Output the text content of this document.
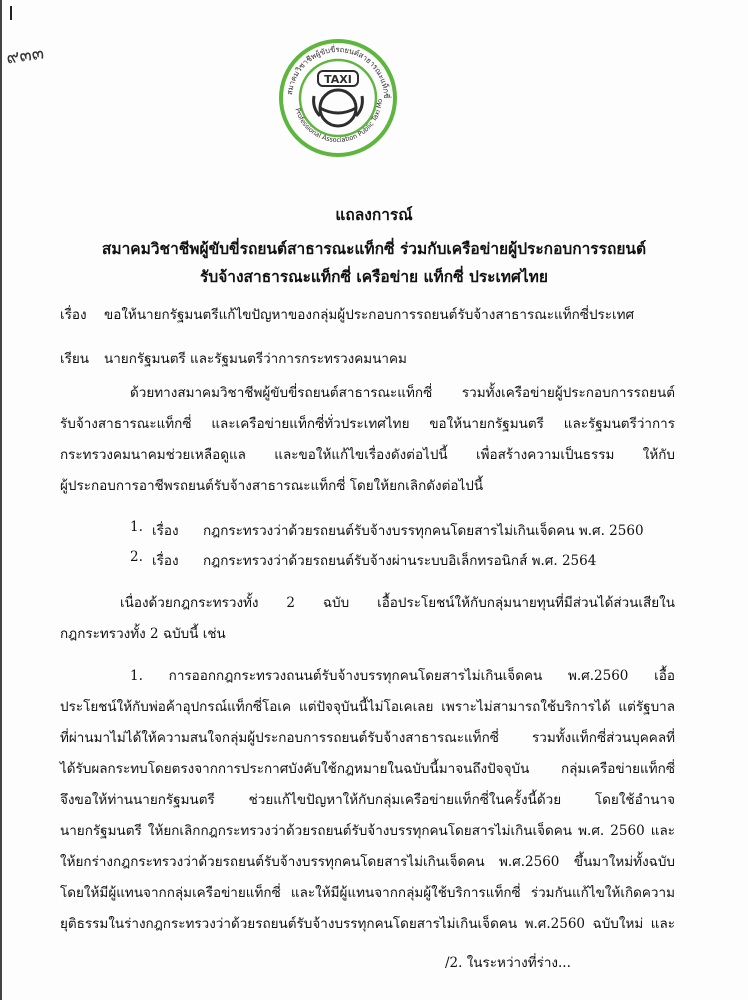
๙๓๓
สมาคมวิชาชีพผู้ขับขี่รถยนต์สาธารณะแท็กซี่
Professional Association Public Taxi Mo
TAXI
แถลงการณ์
สมาคมวิชาชีพผู้ขับขี่รถยนต์สาธารณะแท็กซี่ ร่วมกับเครือข่ายผู้ประกอบการรถยนต์
รับจ้างสาธารณะแท็กซี่ เครือข่าย แท็กซี่ ประเทศไทย
เรื่อง ขอให้นายกรัฐมนตรีแก้ไขปัญหาของกลุ่มผู้ประกอบการรถยนต์รับจ้างสาธารณะแท็กซี่ประเทศ
เรียน นายกรัฐมนตรี และรัฐมนตรีว่าการกระทรวงคมนาคม
ด้วยทางสมาคมวิชาชีพผู้ขับขี่รถยนต์สาธารณะแท็กซี่ รวมทั้งเครือข่ายผู้ประกอบการรถยนต์
รับจ้างสาธารณะแท็กซี่ และเครือข่ายแท็กซี่ทั่วประเทศไทย ขอให้นายกรัฐมนตรี และรัฐมนตรีว่าการ
กระทรวงคมนาคมช่วยเหลือดูแล และขอให้แก้ไขเรื่องดังต่อไปนี้ เพื่อสร้างความเป็นธรรม ให้กับ
ผู้ประกอบการอาชีพรถยนต์รับจ้างสาธารณะแท็กซี่ โดยให้ยกเลิกดังต่อไปนี้
1. เรื่อง กฎกระทรวงว่าด้วยรถยนต์รับจ้างบรรทุกคนโดยสารไม่เกินเจ็ดคน พ.ศ. 2560
2. เรื่อง กฎกระทรวงว่าด้วยรถยนต์รับจ้างผ่านระบบอิเล็กทรอนิกส์ พ.ศ. 2564
เนื่องด้วยกฎกระทรวงทั้ง 2 ฉบับ เอื้อประโยชน์ให้กับกลุ่มนายทุนที่มีส่วนได้ส่วนเสียใน
กฎกระทรวงทั้ง 2 ฉบับนี้ เช่น
1. การออกกฎกระทรวงถนนต์รับจ้างบรรทุกคนโดยสารไม่เกินเจ็ดคน พ.ศ.2560 เอื้อ
ประโยชน์ให้กับพ่อค้าอุปกรณ์แท็กซี่โอเค แต่ปัจจุบันนี้ไม่โอเคเลย เพราะไม่สามารถใช้บริการได้ แต่รัฐบาล
ที่ผ่านมาไม่ได้ให้ความสนใจกลุ่มผู้ประกอบการรถยนต์รับจ้างสาธารณะแท็กซี่ รวมทั้งแท็กซี่ส่วนบุคคลที่
ได้รับผลกระทบโดยตรงจากการประกาศบังคับใช้กฎหมายในฉบับนี้มาจนถึงปัจจุบัน กลุ่มเครือข่ายแท็กซี่
จึงขอให้ท่านนายกรัฐมนตรี ช่วยแก้ไขปัญหาให้กับกลุ่มเครือข่ายแท็กซี่ในครั้งนี้ด้วย โดยใช้อำนาจ
นายกรัฐมนตรี ให้ยกเลิกกฎกระทรวงว่าด้วยรถยนต์รับจ้างบรรทุกคนโดยสารไม่เกินเจ็ดคน พ.ศ. 2560 และ
ให้ยกร่างกฎกระทรวงว่าด้วยรถยนต์รับจ้างบรรทุกคนโดยสารไม่เกินเจ็ดคน พ.ศ.2560 ขึ้นมาใหม่ทั้งฉบับ
โดยให้มีผู้แทนจากกลุ่มเครือข่ายแท็กซี่ และให้มีผู้แทนจากกลุ่มผู้ใช้บริการแท็กซี่ ร่วมกันแก้ไขให้เกิดความ
ยุติธรรมในร่างกฎกระทรวงว่าด้วยรถยนต์รับจ้างบรรทุกคนโดยสารไม่เกินเจ็ดคน พ.ศ.2560 ฉบับใหม่ และ
/2. ในระหว่างที่ร่าง...
